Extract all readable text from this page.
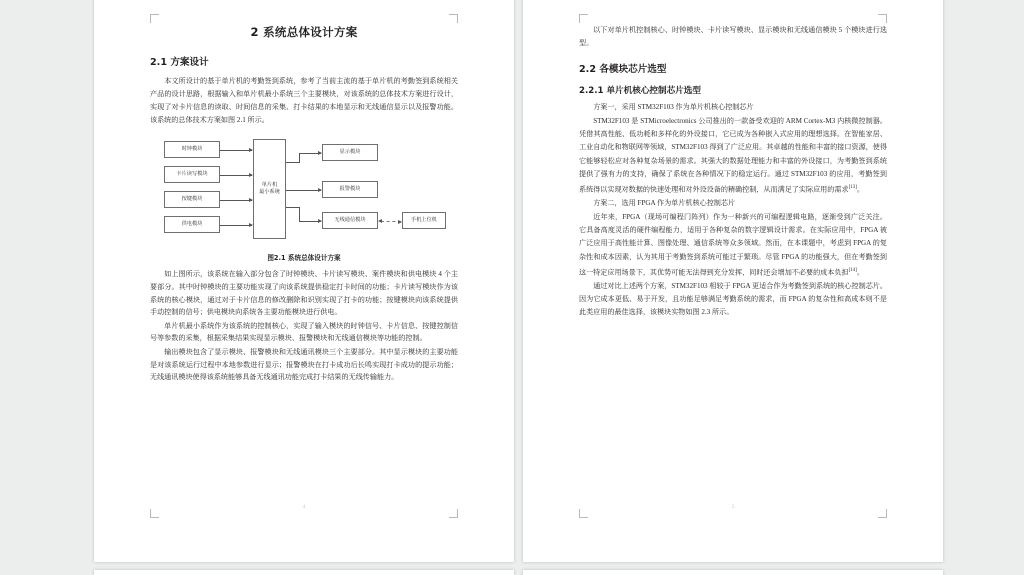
2 系统总体设计方案
2.1 方案设计

本文所设计的基于单片机的考勤签到系统，参考了当前主流的基于单片机的考勤签到系统相关产品的设计思路，根据输入和单片机最小系统三个主要模块，对该系统的总体技术方案进行设计，实现了对卡片信息的读取、时间信息的采集、打卡结果的本地显示和无线通信显示以及报警功能。该系统的总体技术方案如图 2.1 所示。

时钟模块
卡片读写模块
按键模块
供电模块
单片机
最小系统
显示模块
报警模块
无线通信模块	手机上位机
图2.1 系统总体设计方案

如上图所示，该系统在输入部分包含了时钟模块、卡片读写模块、案件模块和供电模块 4 个主要部分。其中时钟模块的主要功能实现了向该系统提供稳定打卡时间的功能；卡片读写模块作为该系统的核心模块，通过对于卡片信息的修改删除和识别实现了打卡的功能；按键模块向该系统提供手动控制的信号；供电模块向系统各主要功能模块进行供电。

单片机最小系统作为该系统的控制核心，实现了输入模块的时钟信号、卡片信息、按键控制信号等参数的采集，根据采集结果实现显示模块、报警模块和无线通信模块等功能的控制。

输出模块包含了显示模块、报警模块和无线通讯模块三个主要部分。其中显示模块的主要功能是对该系统运行过程中本地参数进行显示；报警模块在打卡成功后长鸣实现打卡成功的提示功能；无线通讯模块使得该系统能够具备无线通讯功能完成打卡结果的无线传输能力。

4

以下对单片机控制核心、时钟模块、卡片读写模块、显示模块和无线通信模块 5 个模块进行选型。

2.2 各模块芯片选型
2.2.1 单片机核心控制芯片选型

方案一，采用 STM32F103 作为单片机核心控制芯片

STM32F103 是 STMicroelectronics 公司推出的一款备受欢迎的 ARM Cortex-M3 内核微控制器。凭借其高性能、低功耗和多样化的外设接口，它已成为各种嵌入式应用的理想选择。在智能家居、工业自动化和物联网等领域，STM32F103 得到了广泛应用。其卓越的性能和丰富的接口资源，使得它能够轻松应对各种复杂场景的需求。其强大的数据处理能力和丰富的外设接口，为考勤签到系统提供了强有力的支持，确保了系统在各种情况下的稳定运行。通过 STM32F103 的应用，考勤签到系统得以实现对数据的快速处理和对外设设备的精确控制，从而满足了实际应用的需求[13]。

方案二，选用 FPGA 作为单片机核心控制芯片

近年来，FPGA（现场可编程门阵列）作为一种新兴的可编程逻辑电路，逐渐受到广泛关注。它具备高度灵活的硬件编程能力，适用于各种复杂的数字逻辑设计需求。在实际应用中，FPGA 被广泛应用于高性能计算、图像处理、通信系统等众多领域。然而，在本课题中，考虑到 FPGA 的复杂性和成本因素，认为其用于考勤签到系统可能过于繁琐。尽管 FPGA 的功能强大，但在考勤签到这一特定应用场景下，其优势可能无法得到充分发挥，同时还会增加不必要的成本负担[14]。

通过对比上述两个方案，STM32F103 相较于 FPGA 更适合作为考勤签到系统的核心控制芯片。因为它成本更低、易于开发，且功能足够满足考勤系统的需求，而 FPGA 的复杂性和高成本则不是此类应用的最佳选择，该模块实物如图 2.3 所示。

5
